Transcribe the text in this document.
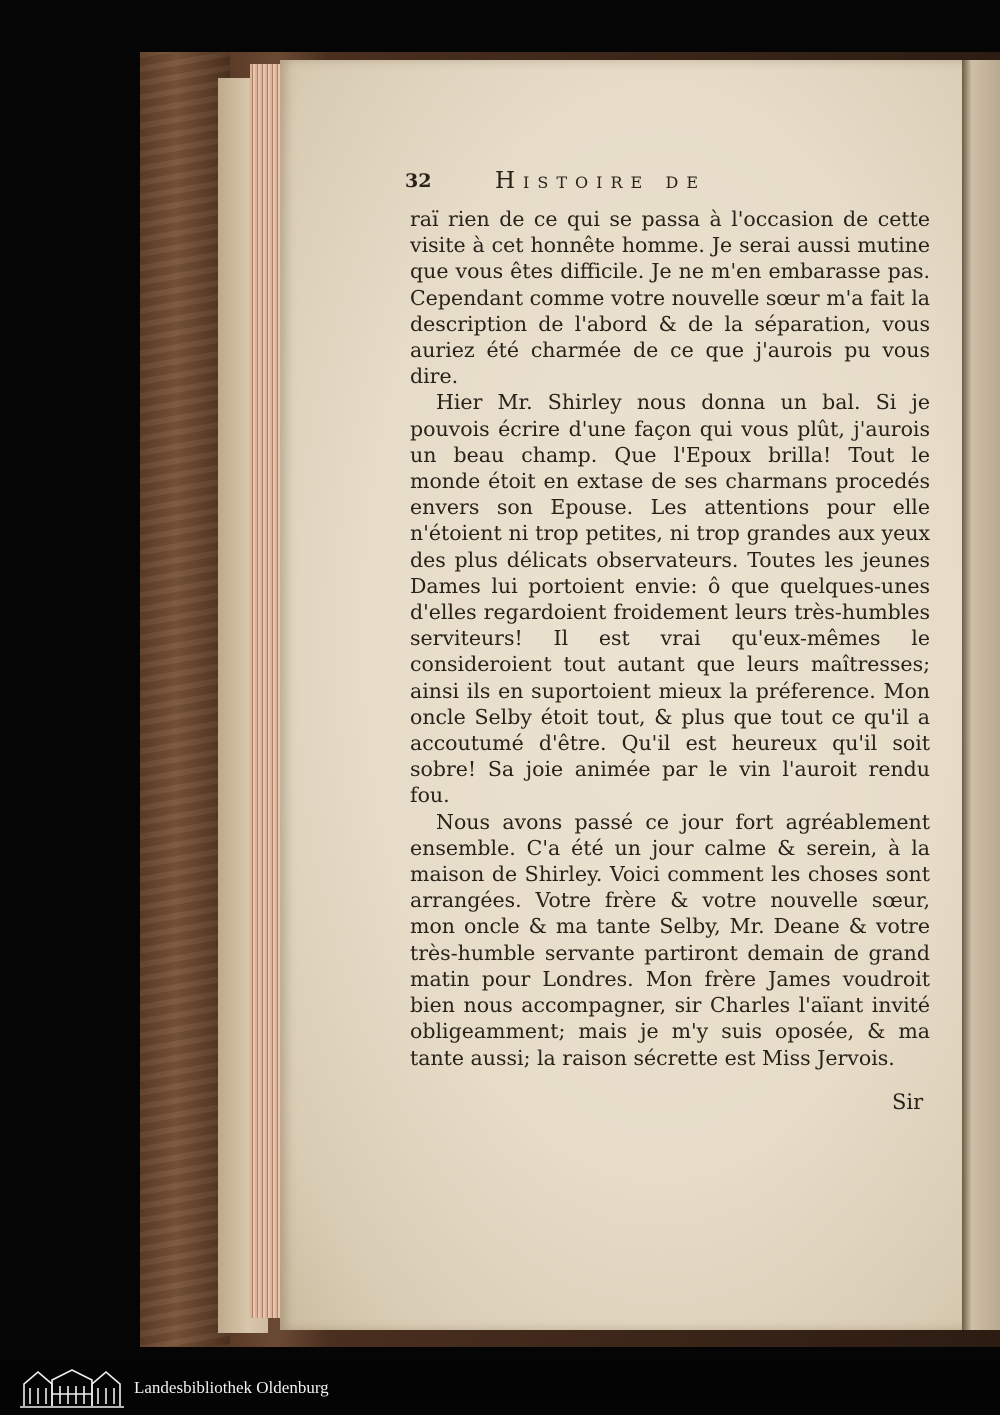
32	Histoire de

raï rien de ce qui se passa à l'occasion de cette visite à cet honnête homme. Je serai aussi mutine que vous êtes difficile. Je ne m'en embarasse pas. Cependant comme votre nouvelle sœur m'a fait la description de l'abord & de la séparation, vous auriez été charmée de ce que j'aurois pu vous dire.

Hier Mr. Shirley nous donna un bal. Si je pouvois écrire d'une façon qui vous plût, j'aurois un beau champ. Que l'Epoux brilla! Tout le monde étoit en extase de ses charmans procedés envers son Epouse. Les attentions pour elle n'étoient ni trop petites, ni trop grandes aux yeux des plus délicats observateurs. Toutes les jeunes Dames lui portoient envie: ô que quelques-unes d'elles regardoient froidement leurs très-humbles serviteurs! Il est vrai qu'eux-mêmes le consideroient tout autant que leurs maîtresses; ainsi ils en suportoient mieux la préference. Mon oncle Selby étoit tout, & plus que tout ce qu'il a accoutumé d'être. Qu'il est heureux qu'il soit sobre! Sa joie animée par le vin l'auroit rendu fou.

Nous avons passé ce jour fort agréablement ensemble. C'a été un jour calme & serein, à la maison de Shirley. Voici comment les choses sont arrangées. Votre frère & votre nouvelle sœur, mon oncle & ma tante Selby, Mr. Deane & votre très-humble servante partiront demain de grand matin pour Londres. Mon frère James voudroit bien nous accompagner, sir Charles l'aïant invité obligeamment; mais je m'y suis oposée, & ma tante aussi; la raison sécrette est Miss Jervois.

Sir
Landesbibliothek Oldenburg
